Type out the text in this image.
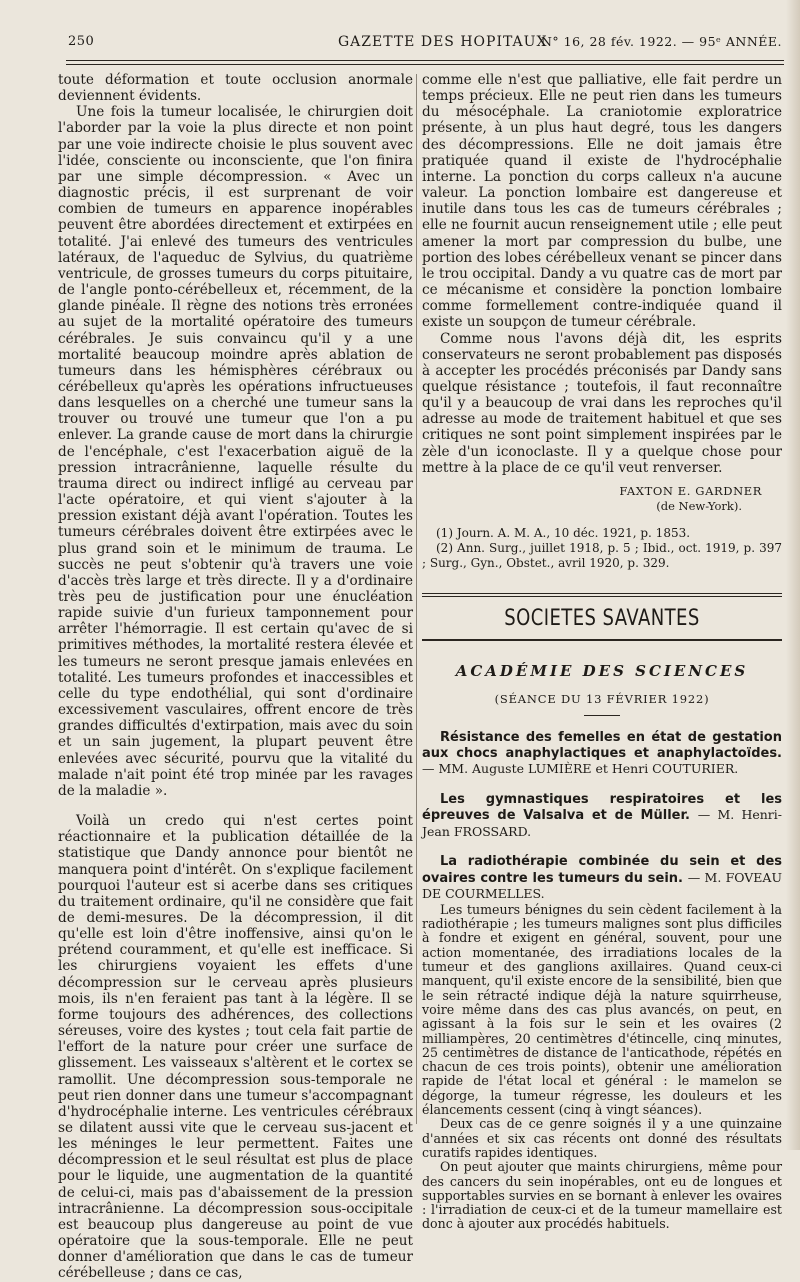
250	GAZETTE DES HOPITAUX
N° 16, 28 fév. 1922. — 95ᵉ ANNÉE.

toute déformation et toute occlusion anormale deviennent évidents.

Une fois la tumeur localisée, le chirurgien doit l'aborder par la voie la plus directe et non point par une voie indirecte choisie le plus souvent avec l'idée, consciente ou inconsciente, que l'on finira par une simple décompression. « Avec un diagnostic précis, il est surprenant de voir combien de tumeurs en apparence inopérables peuvent être abordées directement et extirpées en totalité. J'ai enlevé des tumeurs des ventricules latéraux, de l'aqueduc de Sylvius, du quatrième ventricule, de grosses tumeurs du corps pituitaire, de l'angle ponto-cérébelleux et, récemment, de la glande pinéale. Il règne des notions très erronées au sujet de la mortalité opératoire des tumeurs cérébrales. Je suis convaincu qu'il y a une mortalité beaucoup moindre après ablation de tumeurs dans les hémisphères cérébraux ou cérébelleux qu'après les opérations infructueuses dans lesquelles on a cherché une tumeur sans la trouver ou trouvé une tumeur que l'on a pu enlever. La grande cause de mort dans la chirurgie de l'encéphale, c'est l'exacerbation aiguë de la pression intracrânienne, laquelle résulte du trauma direct ou indirect infligé au cerveau par l'acte opératoire, et qui vient s'ajouter à la pression existant déjà avant l'opération. Toutes les tumeurs cérébrales doivent être extirpées avec le plus grand soin et le minimum de trauma. Le succès ne peut s'obtenir qu'à travers une voie d'accès très large et très directe. Il y a d'ordinaire très peu de justification pour une énucléation rapide suivie d'un furieux tamponnement pour arrêter l'hémorragie. Il est certain qu'avec de si primitives méthodes, la mortalité restera élevée et les tumeurs ne seront presque jamais enlevées en totalité. Les tumeurs profondes et inaccessibles et celle du type endothélial, qui sont d'ordinaire excessivement vasculaires, offrent encore de très grandes difficultés d'extirpation, mais avec du soin et un sain jugement, la plupart peuvent être enlevées avec sécurité, pourvu que la vitalité du malade n'ait point été trop minée par les ravages de la maladie ».

Voilà un credo qui n'est certes point réactionnaire et la publication détaillée de la statistique que Dandy annonce pour bientôt ne manquera point d'intérêt. On s'explique facilement pourquoi l'auteur est si acerbe dans ses critiques du traitement ordinaire, qu'il ne considère que fait de demi-mesures. De la décompression, il dit qu'elle est loin d'être inoffensive, ainsi qu'on le prétend couramment, et qu'elle est inefficace. Si les chirurgiens voyaient les effets d'une décompression sur le cerveau après plusieurs mois, ils n'en feraient pas tant à la légère. Il se forme toujours des adhérences, des collections séreuses, voire des kystes ; tout cela fait partie de l'effort de la nature pour créer une surface de glissement. Les vaisseaux s'altèrent et le cortex se ramollit. Une décompression sous-temporale ne peut rien donner dans une tumeur s'accompagnant d'hydrocéphalie interne. Les ventricules cérébraux se dilatent aussi vite que le cerveau sus-jacent et les méninges le leur permettent. Faites une décompression et le seul résultat est plus de place pour le liquide, une augmentation de la quantité de celui-ci, mais pas d'abaissement de la pression intracrânienne. La décompression sous-occipitale est beaucoup plus dangereuse au point de vue opératoire que la sous-temporale. Elle ne peut donner d'amélioration que dans le cas de tumeur cérébelleuse ; dans ce cas,

comme elle n'est que palliative, elle fait perdre un temps précieux. Elle ne peut rien dans les tumeurs du mésocéphale. La craniotomie exploratrice présente, à un plus haut degré, tous les dangers des décompressions. Elle ne doit jamais être pratiquée quand il existe de l'hydrocéphalie interne. La ponction du corps calleux n'a aucune valeur. La ponction lombaire est dangereuse et inutile dans tous les cas de tumeurs cérébrales ; elle ne fournit aucun renseignement utile ; elle peut amener la mort par compression du bulbe, une portion des lobes cérébelleux venant se pincer dans le trou occipital. Dandy a vu quatre cas de mort par ce mécanisme et considère la ponction lombaire comme formellement contre-indiquée quand il existe un soupçon de tumeur cérébrale.

Comme nous l'avons déjà dit, les esprits conservateurs ne seront probablement pas disposés à accepter les procédés préconisés par Dandy sans quelque résistance ; toutefois, il faut reconnaître qu'il y a beaucoup de vrai dans les reproches qu'il adresse au mode de traitement habituel et que ses critiques ne sont point simplement inspirées par le zèle d'un iconoclaste. Il y a quelque chose pour mettre à la place de ce qu'il veut renverser.

FAXTON E. GARDNER
(de New-York).

(1) Journ. A. M. A., 10 déc. 1921, p. 1853.

(2) Ann. Surg., juillet 1918, p. 5 ; Ibid., oct. 1919, p. 397 ; Surg., Gyn., Obstet., avril 1920, p. 329.

SOCIETES SAVANTES
ACADÉMIE DES SCIENCES
(SÉANCE DU 13 FÉVRIER 1922)
Résistance des femelles en état de gestation aux chocs anaphylactiques et anaphylactoïdes. — MM. Auguste LUMIÈRE et Henri COUTURIER.
Les gymnastiques respiratoires et les épreuves de Valsalva et de Müller. — M. Henri-Jean FROSSARD.
La radiothérapie combinée du sein et des ovaires contre les tumeurs du sein. — M. FOVEAU DE COURMELLES.

Les tumeurs bénignes du sein cèdent facilement à la radiothérapie ; les tumeurs malignes sont plus difficiles à fondre et exigent en général, souvent, pour une action momentanée, des irradiations locales de la tumeur et des ganglions axillaires. Quand ceux-ci manquent, qu'il existe encore de la sensibilité, bien que le sein rétracté indique déjà la nature squirrheuse, voire même dans des cas plus avancés, on peut, en agissant à la fois sur le sein et les ovaires (2 milliampères, 20 centimètres d'étincelle, cinq minutes, 25 centimètres de distance de l'anticathode, répétés en chacun de ces trois points), obtenir une amélioration rapide de l'état local et général : le mamelon se dégorge, la tumeur régresse, les douleurs et les élancements cessent (cinq à vingt séances).

Deux cas de ce genre soignés il y a une quinzaine d'années et six cas récents ont donné des résultats curatifs rapides identiques.

On peut ajouter que maints chirurgiens, même pour des cancers du sein inopérables, ont eu de longues et supportables survies en se bornant à enlever les ovaires : l'irradiation de ceux-ci et de la tumeur mamellaire est donc à ajouter aux procédés habituels.
